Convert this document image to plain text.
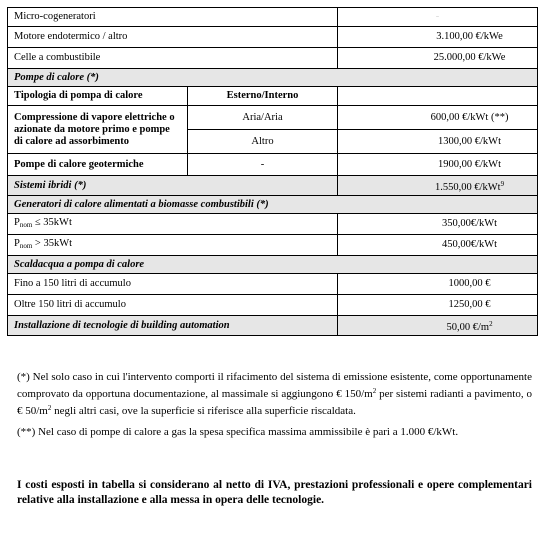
Micro-cogeneratori		-
Motore endotermico / altro		3.100,00 €/kWe
Celle a combustibile		25.000,00 €/kWe
Pompe di calore (*)		
Tipologia di pompa di calore	Esterno/Interno	
Compressione di vapore elettriche o azionate da motore primo e pompe di calore ad assorbimento	Aria/Aria	600,00 €/kWt (**)
	Altro	1300,00 €/kWt
Pompe di calore geotermiche	-	1900,00 €/kWt
Sistemi ibridi (*)		1.550,00 €/kWt$^9$
Generatori di calore alimentati a biomasse combustibili (*)		
$P_{nom} \le 35kWt$		350,00€/kWt
$P_{nom} > 35kWt$		450,00€/kWt
Scaldacqua a pompa di calore		
Fino a 150 litri di accumulo		1000,00 €
Oltre 150 litri di accumulo		1250,00 €
Installazione di tecnologie di building automation		50,00 $€/m^2$

(*) Nel solo caso in cui l'intervento comporti il rifacimento del sistema di emissione esistente, come opportunamente comprovato da opportuna documentazione, al massimale si aggiungono € $150/m^2$ per sistemi radianti a pavimento, o € $50/m^2$ negli altri casi, ove la superficie si riferisce alla superficie riscaldata.

(**) Nel caso di pompe di calore a gas la spesa specifica massima ammissibile è pari a 1.000 €/kWt.

I costi esposti in tabella si considerano al netto di IVA, prestazioni professionali e opere complementari relative alla installazione e alla messa in opera delle tecnologie.
